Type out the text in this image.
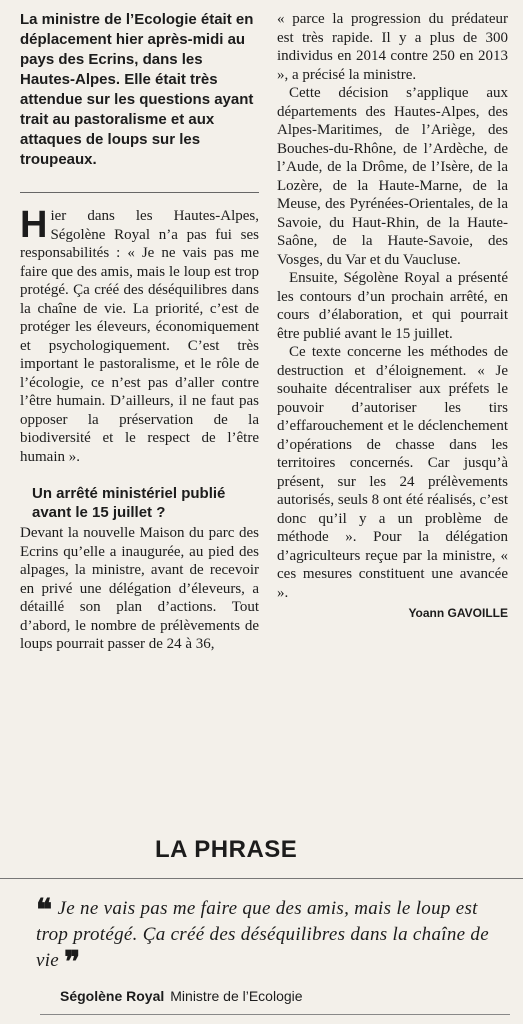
La ministre de l’Ecologie était en déplacement hier après-midi au pays des Ecrins, dans les Hautes-Alpes. Elle était très attendue sur les questions ayant trait au pastoralisme et aux attaques de loups sur les troupeaux.

Hier dans les Hautes-Alpes, Ségolène Royal n’a pas fui ses responsabilités : « Je ne vais pas me faire que des amis, mais le loup est trop protégé. Ça créé des déséquilibres dans la chaîne de vie. La priorité, c’est de protéger les éleveurs, économiquement et psychologiquement. C’est très important le pastoralisme, et le rôle de l’écologie, ce n’est pas d’aller contre l’être humain. D’ailleurs, il ne faut pas opposer la préservation de la biodiversité et le respect de l’être humain ».

Un arrêté ministériel publié avant le 15 juillet ?

Devant la nouvelle Maison du parc des Ecrins qu’elle a inaugurée, au pied des alpages, la ministre, avant de recevoir en privé une délégation d’éleveurs, a détaillé son plan d’actions. Tout d’abord, le nombre de prélèvements de loups pourrait passer de 24 à 36,

« parce la progression du prédateur est très rapide. Il y a plus de 300 individus en 2014 contre 250 en 2013 », a précisé la ministre.

Cette décision s’applique aux départements des Hautes-Alpes, des Alpes-Maritimes, de l’Ariège, des Bouches-du-Rhône, de l’Ardèche, de l’Aude, de la Drôme, de l’Isère, de la Lozère, de la Haute-Marne, de la Meuse, des Pyrénées-Orientales, de la Savoie, du Haut-Rhin, de la Haute-Saône, de la Haute-Savoie, des Vosges, du Var et du Vaucluse.

Ensuite, Ségolène Royal a présenté les contours d’un prochain arrêté, en cours d’élaboration, et qui pourrait être publié avant le 15 juillet.

Ce texte concerne les méthodes de destruction et d’éloignement. « Je souhaite décentraliser aux préfets le pouvoir d’autoriser les tirs d’effarouchement et le déclenchement d’opérations de chasse dans les territoires concernés. Car jusqu’à présent, sur les 24 prélèvements autorisés, seuls 8 ont été réalisés, c’est donc qu’il y a un problème de méthode ». Pour la délégation d’agriculteurs reçue par la ministre, « ces mesures constituent une avancée ».

Yoann GAVOILLE
LA PHRASE

❝ Je ne vais pas me faire que des amis, mais le loup est trop protégé. Ça créé des déséquilibres dans la chaîne de vie ❞

Ségolène Royal Ministre de l’Ecologie
